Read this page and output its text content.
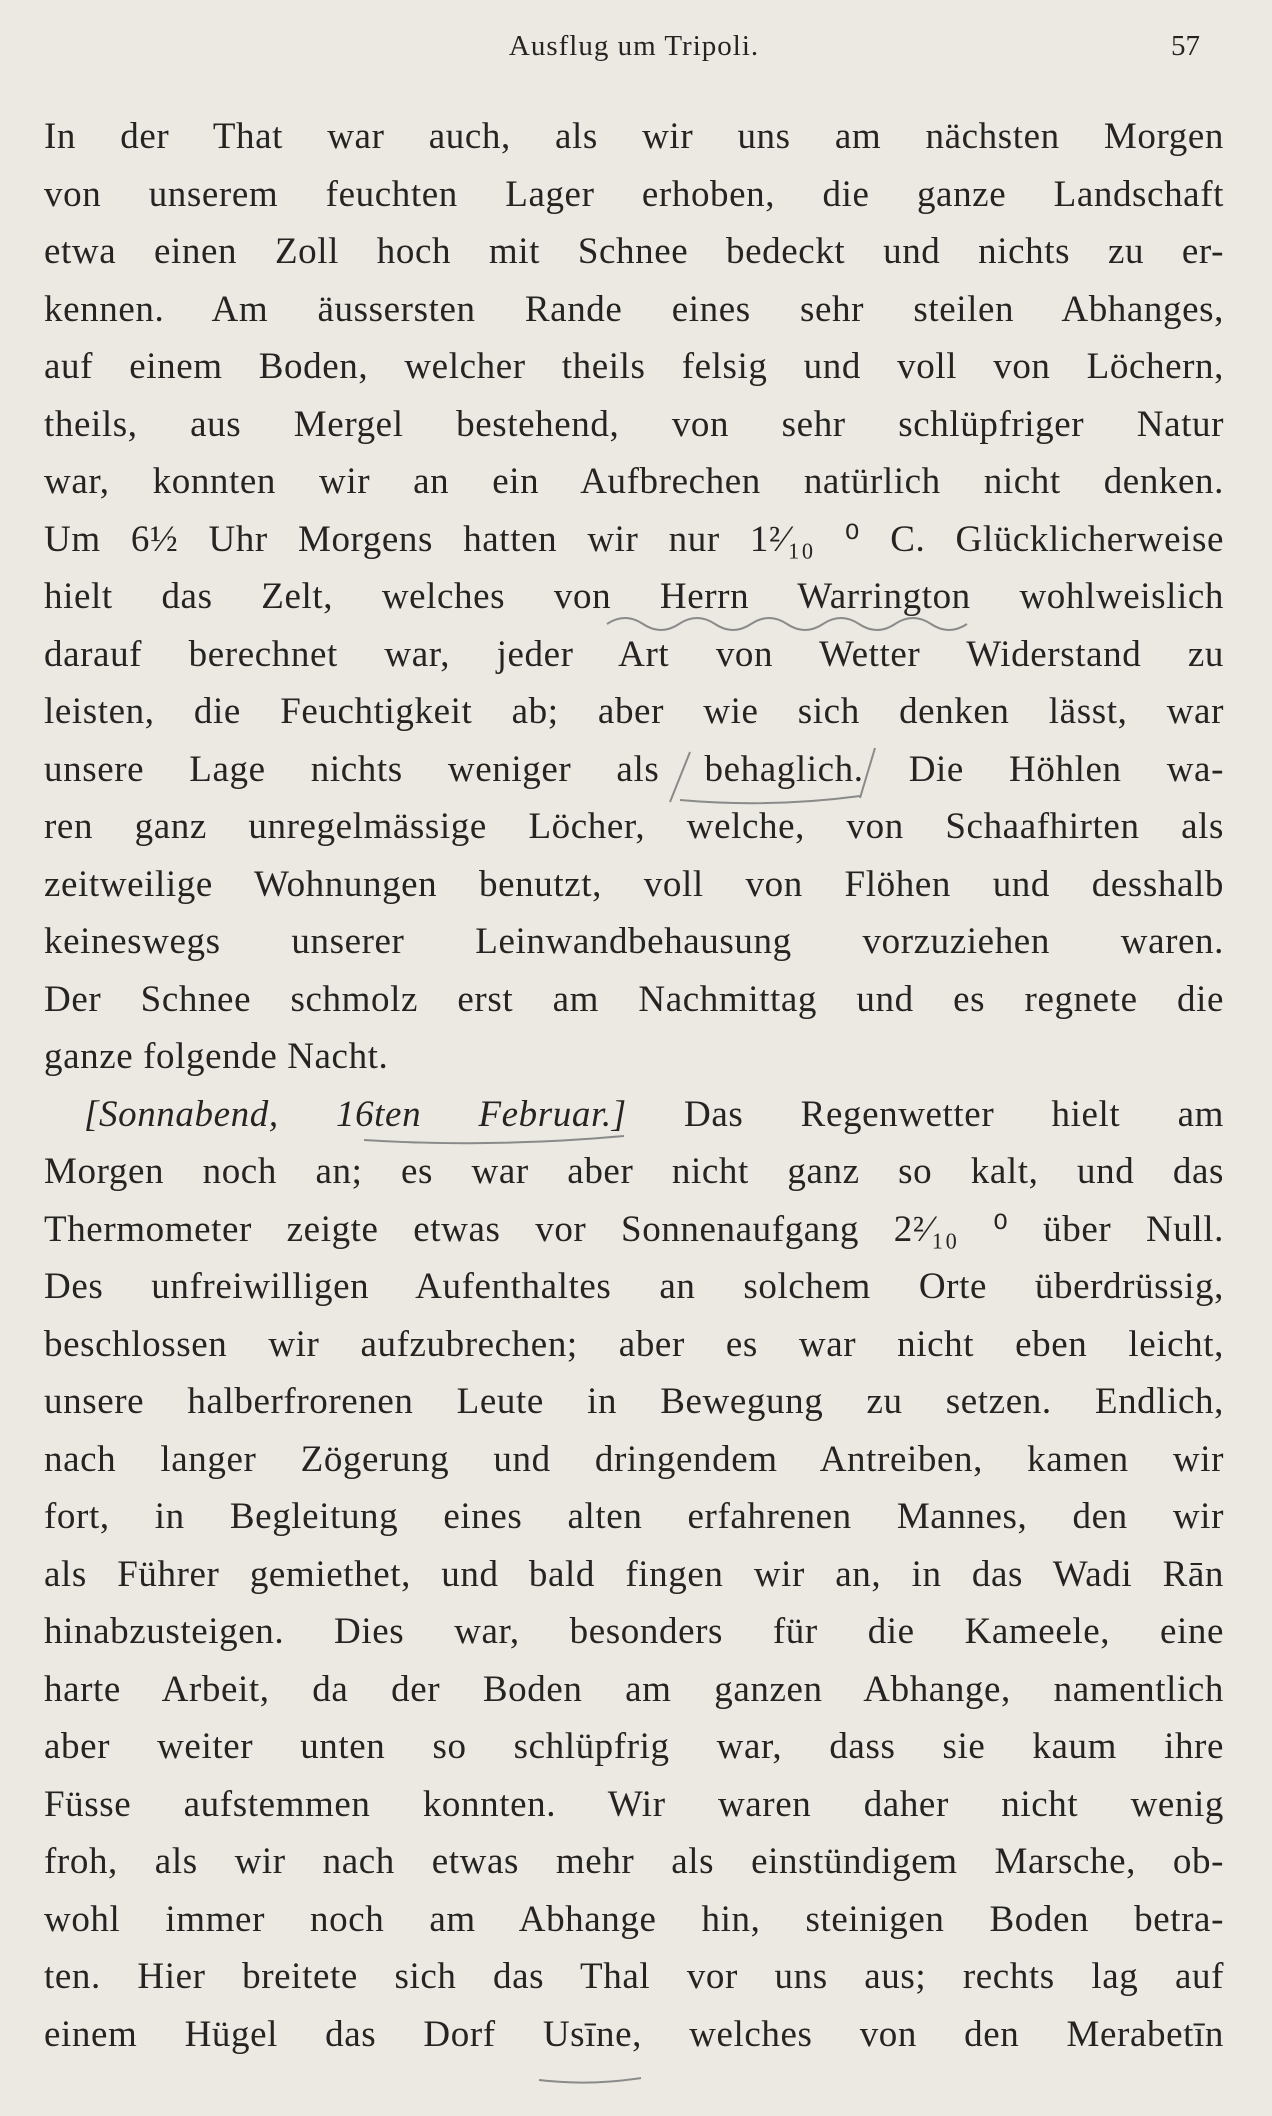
Ausflug um Tripoli.	57
In der That war auch, als wir uns am nächsten Morgen
von unserem feuchten Lager erhoben, die ganze Landschaft
etwa einen Zoll hoch mit Schnee bedeckt und nichts zu er-
kennen. Am äussersten Rande eines sehr steilen Abhanges,
auf einem Boden, welcher theils felsig und voll von Löchern,
theils, aus Mergel bestehend, von sehr schlüpfriger Natur
war, konnten wir an ein Aufbrechen natürlich nicht denken.
Um 6½ Uhr Morgens hatten wir nur 1²⁄₁₀ ⁰ C. Glücklicherweise
hielt das Zelt, welches von Herrn Warrington wohlweislich
darauf berechnet war, jeder Art von Wetter Widerstand zu
leisten, die Feuchtigkeit ab; aber wie sich denken lässt, war
unsere Lage nichts weniger als behaglich. Die Höhlen wa-
ren ganz unregelmässige Löcher, welche, von Schaafhirten als
zeitweilige Wohnungen benutzt, voll von Flöhen und desshalb
keineswegs unserer Leinwandbehausung vorzuziehen waren.
Der Schnee schmolz erst am Nachmittag und es regnete die
ganze folgende Nacht.
[Sonnabend, 16ten Februar.] Das Regenwetter hielt am
Morgen noch an; es war aber nicht ganz so kalt, und das
Thermometer zeigte etwas vor Sonnenaufgang 2²⁄₁₀ ⁰ über Null.
Des unfreiwilligen Aufenthaltes an solchem Orte überdrüssig,
beschlossen wir aufzubrechen; aber es war nicht eben leicht,
unsere halberfrorenen Leute in Bewegung zu setzen. Endlich,
nach langer Zögerung und dringendem Antreiben, kamen wir
fort, in Begleitung eines alten erfahrenen Mannes, den wir
als Führer gemiethet, und bald fingen wir an, in das Wadi Rān
hinabzusteigen. Dies war, besonders für die Kameele, eine
harte Arbeit, da der Boden am ganzen Abhange, namentlich
aber weiter unten so schlüpfrig war, dass sie kaum ihre
Füsse aufstemmen konnten. Wir waren daher nicht wenig
froh, als wir nach etwas mehr als einstündigem Marsche, ob-
wohl immer noch am Abhange hin, steinigen Boden betra-
ten. Hier breitete sich das Thal vor uns aus; rechts lag auf
einem Hügel das Dorf Usīne, welches von den Merabetīn
